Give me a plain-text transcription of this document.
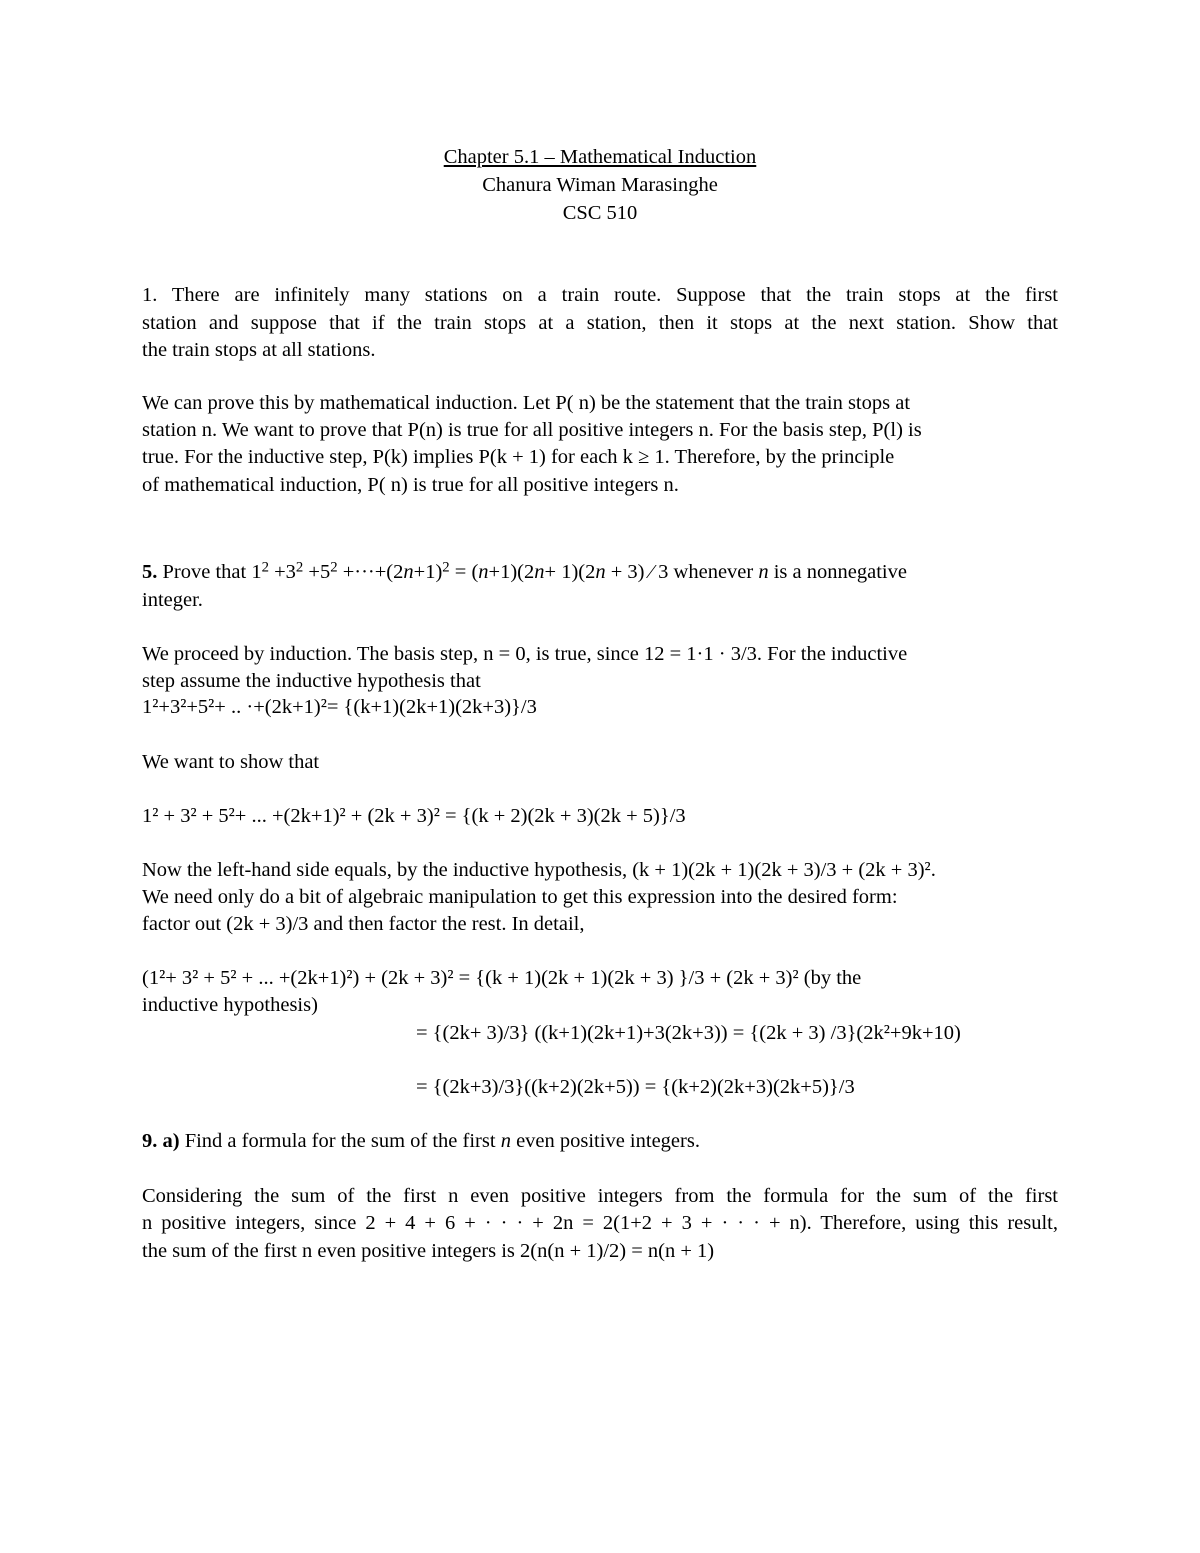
Chapter 5.1 – Mathematical Induction
Chanura Wiman Marasinghe
CSC 510
1. There are infinitely many stations on a train route. Suppose that the train stops at the first
station and suppose that if the train stops at a station, then it stops at the next station. Show that
the train stops at all stations.
We can prove this by mathematical induction. Let P( n) be the statement that the train stops at
station n. We want to prove that P(n) is true for all positive integers n. For the basis step, P(l) is
true. For the inductive step, P(k) implies P(k + 1) for each k ≥ 1. Therefore, by the principle
of mathematical induction, P( n) is true for all positive integers n.
5. Prove that $1^2 +3^2 +5^2 +\cdot\cdot\cdot+(2n+1)^2 = (n+1)(2n+ 1)(2n + 3)$ ⁄ 3 whenever n is a nonnegative
integer.
We proceed by induction. The basis step, n = 0, is true, since 12 = 1·1 · 3/3. For the inductive
step assume the inductive hypothesis that
1²+3²+5²+ .. ·+(2k+1)²= {(k+1)(2k+1)(2k+3)}/3
We want to show that
1² + 3² + 5²+ ... +(2k+1)² + (2k + 3)² = {(k + 2)(2k + 3)(2k + 5)}/3
Now the left-hand side equals, by the inductive hypothesis, (k + 1)(2k + 1)(2k + 3)/3 + (2k + 3)².
We need only do a bit of algebraic manipulation to get this expression into the desired form:
factor out (2k + 3)/3 and then factor the rest. In detail,
(1²+ 3² + 5² + ... +(2k+1)²) + (2k + 3)² = {(k + 1)(2k + 1)(2k + 3) }/3 + (2k + 3)² (by the
inductive hypothesis)
= {(2k+ 3)/3} ((k+1)(2k+1)+3(2k+3)) = {(2k + 3) /3}(2k²+9k+10)
= {(2k+3)/3}((k+2)(2k+5)) = {(k+2)(2k+3)(2k+5)}/3
9. a) Find a formula for the sum of the first n even positive integers.
Considering the sum of the first n even positive integers from the formula for the sum of the first
n positive integers, since 2 + 4 + 6 + · · · + 2n = 2(1+2 + 3 + · · · + n). Therefore, using this result,
the sum of the first n even positive integers is 2(n(n + 1)/2) = n(n + 1)
